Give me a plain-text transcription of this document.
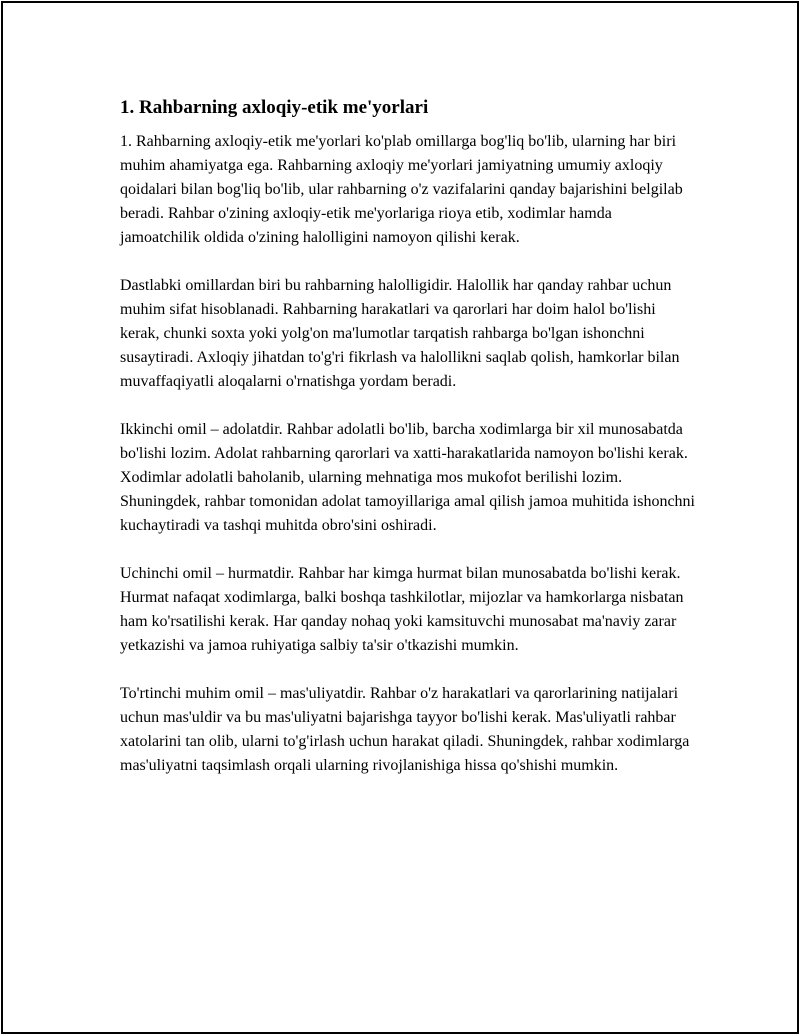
1. Rahbarning axloqiy-etik me'yorlari

1. Rahbarning axloqiy-etik me'yorlari ko'plab omillarga bog'liq bo'lib, ularning har biri muhim ahamiyatga ega. Rahbarning axloqiy me'yorlari jamiyatning umumiy axloqiy qoidalari bilan bog'liq bo'lib, ular rahbarning o'z vazifalarini qanday bajarishini belgilab beradi. Rahbar o'zining axloqiy-etik me'yorlariga rioya etib, xodimlar hamda jamoatchilik oldida o'zining halolligini namoyon qilishi kerak.

Dastlabki omillardan biri bu rahbarning halolligidir. Halollik har qanday rahbar uchun muhim sifat hisoblanadi. Rahbarning harakatlari va qarorlari har doim halol bo'lishi kerak, chunki soxta yoki yolg'on ma'lumotlar tarqatish rahbarga bo'lgan ishonchni susaytiradi. Axloqiy jihatdan to'g'ri fikrlash va halollikni saqlab qolish, hamkorlar bilan muvaffaqiyatli aloqalarni o'rnatishga yordam beradi.

Ikkinchi omil – adolatdir. Rahbar adolatli bo'lib, barcha xodimlarga bir xil munosabatda bo'lishi lozim. Adolat rahbarning qarorlari va xatti-harakatlarida namoyon bo'lishi kerak. Xodimlar adolatli baholanib, ularning mehnatiga mos mukofot berilishi lozim. Shuningdek, rahbar tomonidan adolat tamoyillariga amal qilish jamoa muhitida ishonchni kuchaytiradi va tashqi muhitda obro'sini oshiradi.

Uchinchi omil – hurmatdir. Rahbar har kimga hurmat bilan munosabatda bo'lishi kerak. Hurmat nafaqat xodimlarga, balki boshqa tashkilotlar, mijozlar va hamkorlarga nisbatan ham ko'rsatilishi kerak. Har qanday nohaq yoki kamsituvchi munosabat ma'naviy zarar yetkazishi va jamoa ruhiyatiga salbiy ta'sir o'tkazishi mumkin.

To'rtinchi muhim omil – mas'uliyatdir. Rahbar o'z harakatlari va qarorlarining natijalari uchun mas'uldir va bu mas'uliyatni bajarishga tayyor bo'lishi kerak. Mas'uliyatli rahbar xatolarini tan olib, ularni to'g'irlash uchun harakat qiladi. Shuningdek, rahbar xodimlarga mas'uliyatni taqsimlash orqali ularning rivojlanishiga hissa qo'shishi mumkin.
